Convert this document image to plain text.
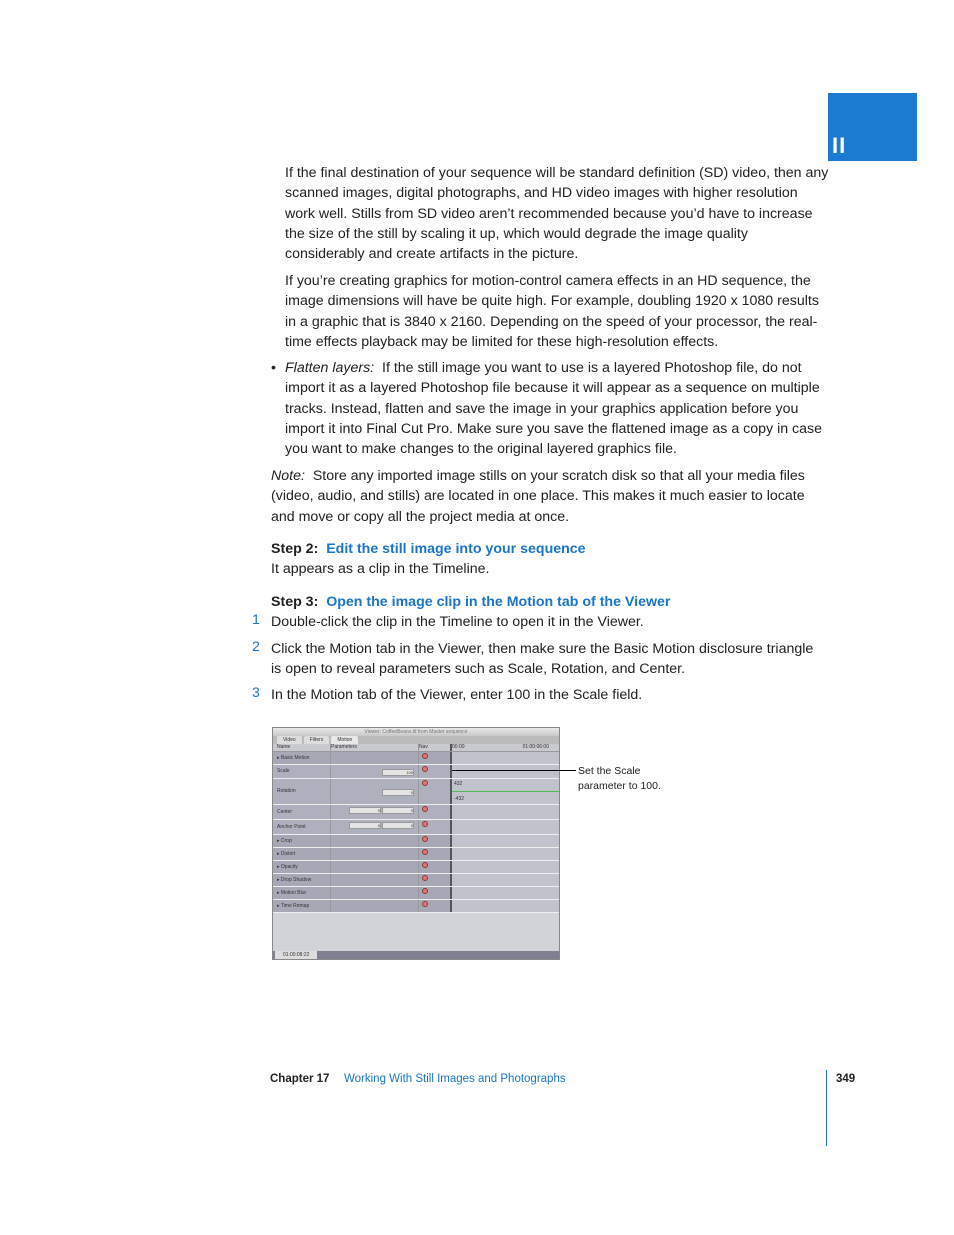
II
If the final destination of your sequence will be standard definition (SD) video, then any scanned images, digital photographs, and HD video images with higher resolution work well. Stills from SD video aren’t recommended because you’d have to increase the size of the still by scaling it up, which would degrade the image quality considerably and create artifacts in the picture.
If you’re creating graphics for motion-control camera effects in an HD sequence, the image dimensions will have be quite high. For example, doubling 1920 x 1080 results in a graphic that is 3840 x 2160. Depending on the speed of your processor, the real-time effects playback may be limited for these high-resolution effects.
• Flatten layers: If the still image you want to use is a layered Photoshop file, do not import it as a layered Photoshop file because it will appear as a sequence on multiple tracks. Instead, flatten and save the image in your graphics application before you import it into Final Cut Pro. Make sure you save the flattened image as a copy in case you want to make changes to the original layered graphics file.
Note: Store any imported image stills on your scratch disk so that all your media files (video, audio, and stills) are located in one place. This makes it much easier to locate and move or copy all the project media at once.
Step 2: Edit the still image into your sequence
It appears as a clip in the Timeline.
Step 3: Open the image clip in the Motion tab of the Viewer
1 Double-click the clip in the Timeline to open it in the Viewer.
2 Click the Motion tab in the Viewer, then make sure the Basic Motion disclosure triangle is open to reveal parameters such as Scale, Rotation, and Center.
3 In the Motion tab of the Viewer, enter 100 in the Scale field.
Viewer: CoffeeBeans.tif from Master sequence
Video	Filters	Motion
Name	Parameters	Nav	00:00	01:00:06:00
▸ Basic Motion
Scale	100
Rotation	0
432
-432
Center	0	0
Anchor Point	0	0
▸ Crop
▸ Distort
▸ Opacity
▸ Drop Shadow
▸ Motion Blur
▸ Time Remap
01:00:08:22
Set the Scale parameter to 100.
Chapter 17 Working With Still Images and Photographs	349
